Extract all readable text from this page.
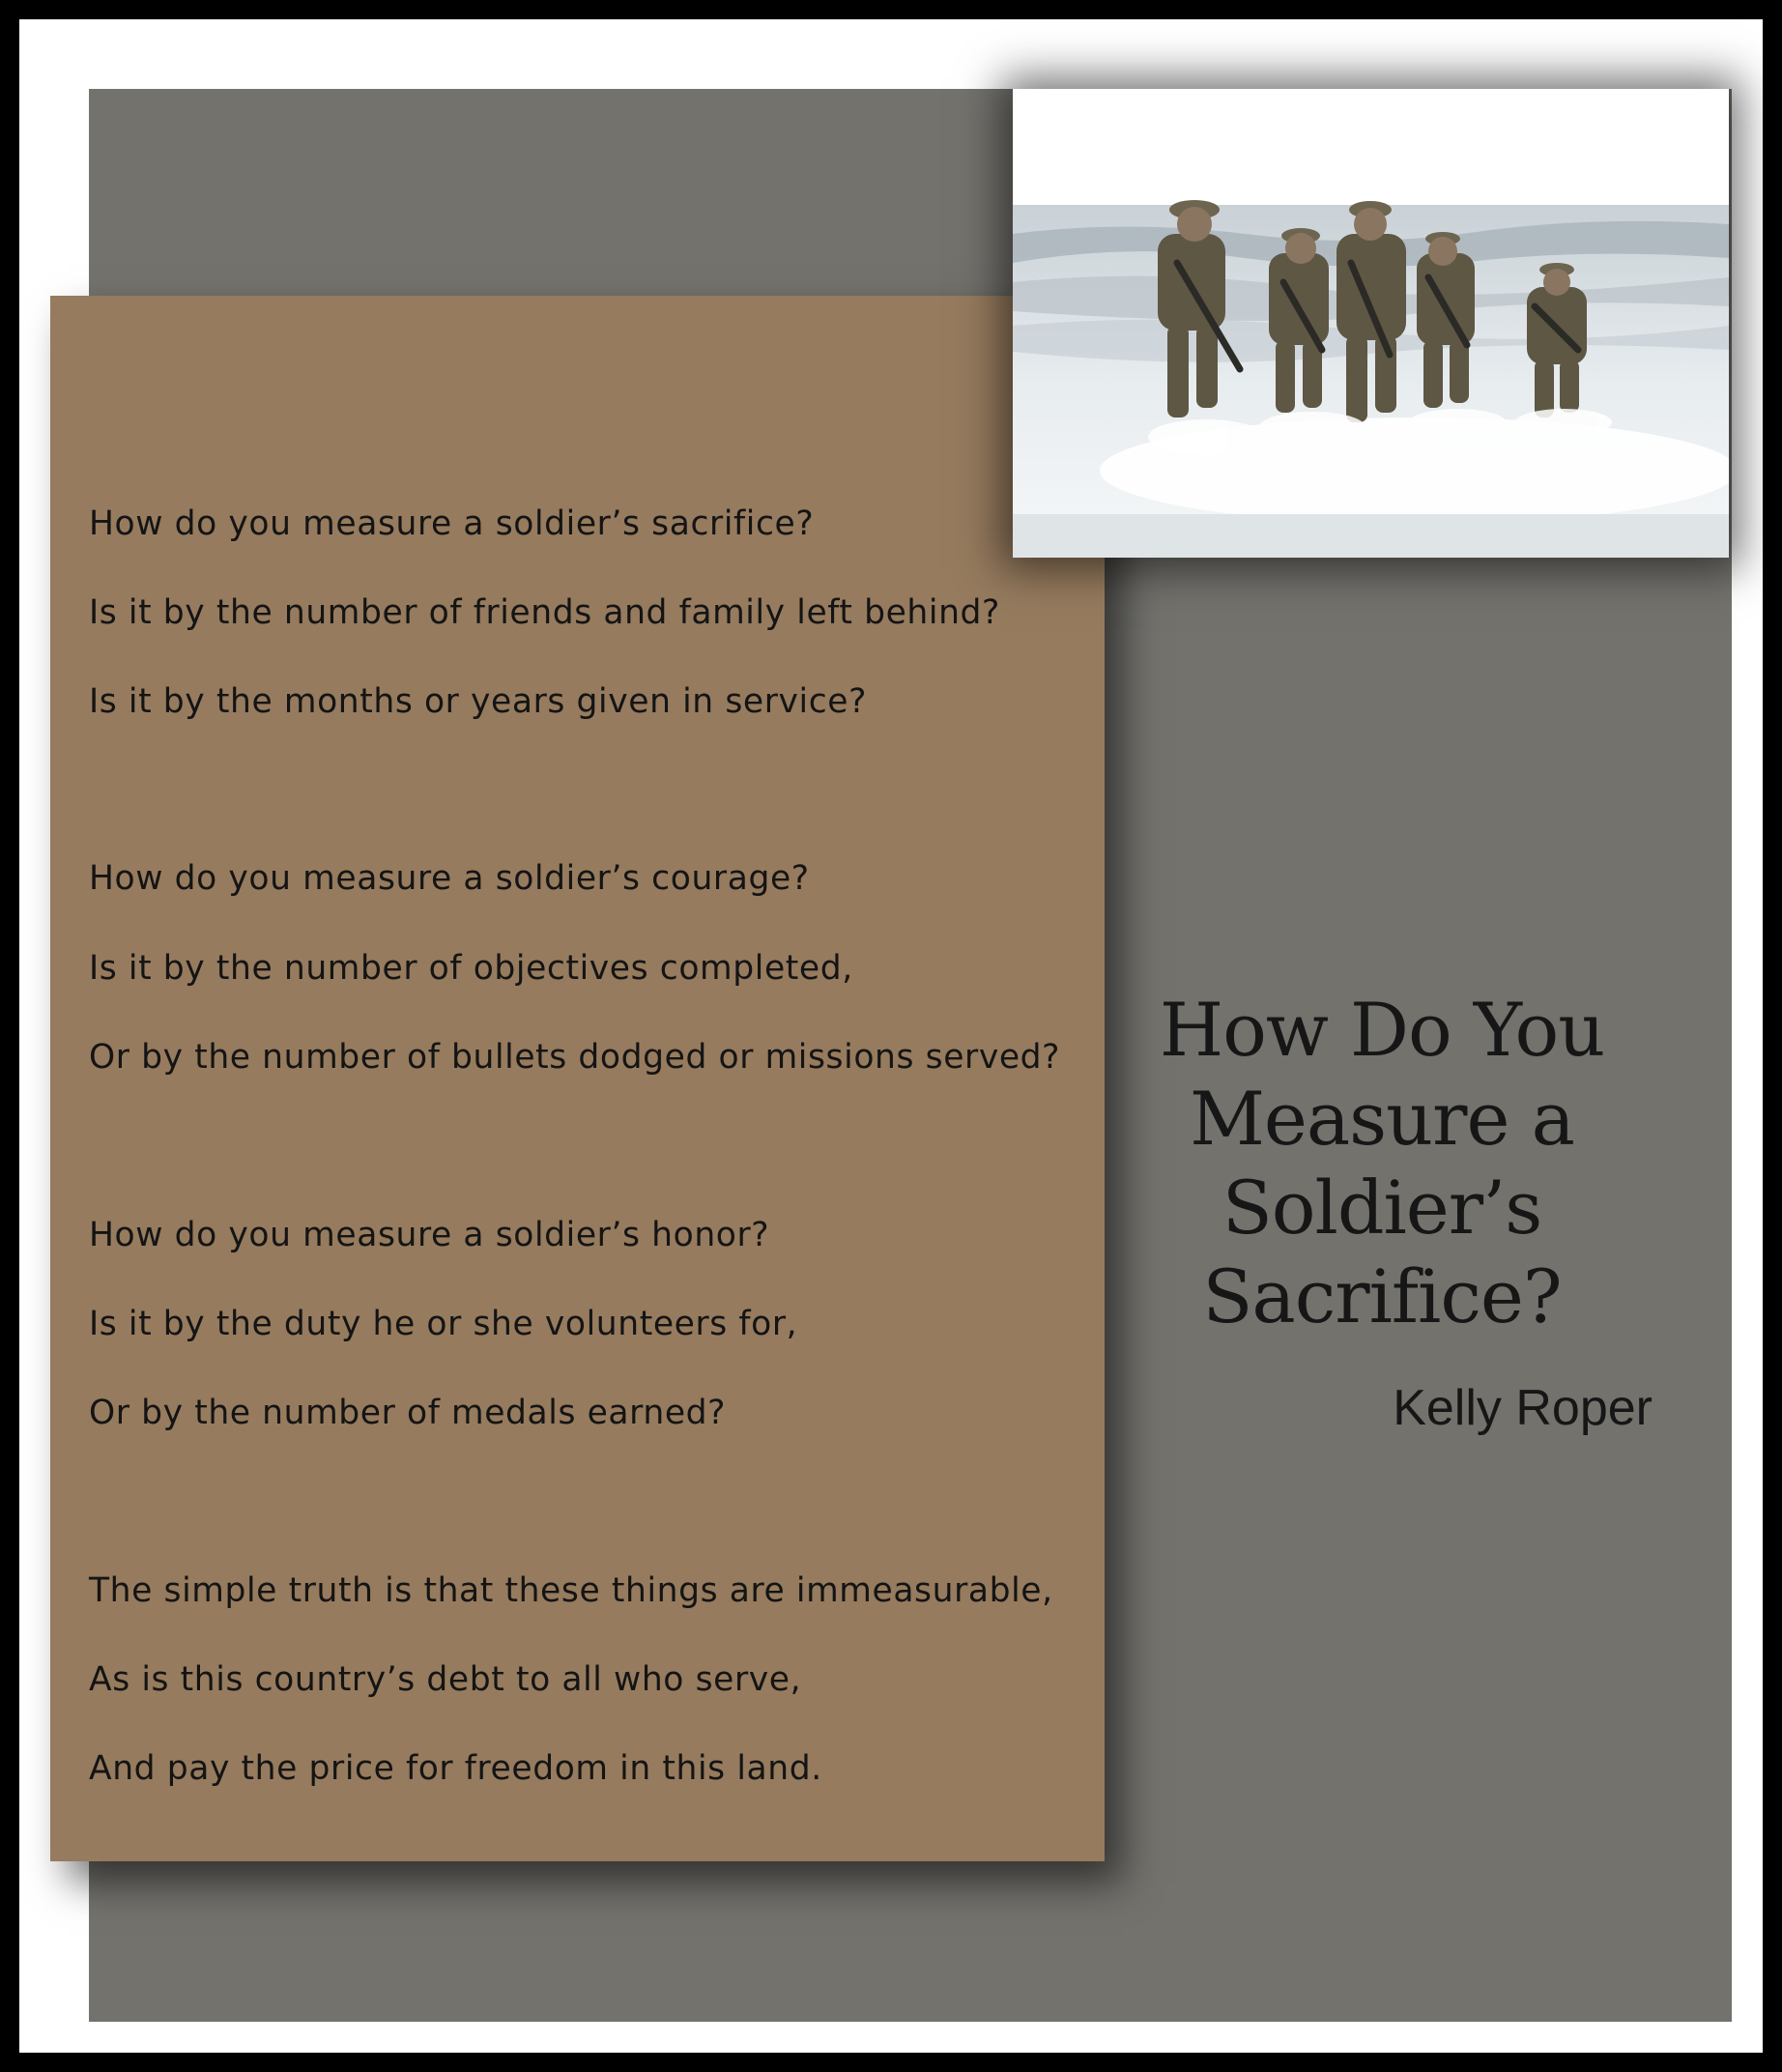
How do you measure a soldier’s sacrifice?
Is it by the number of friends and family left behind?
Is it by the months or years given in service?
How do you measure a soldier’s courage?
Is it by the number of objectives completed,
Or by the number of bullets dodged or missions served?
How do you measure a soldier’s honor?
Is it by the duty he or she volunteers for,
Or by the number of medals earned?
The simple truth is that these things are immeasurable,
As is this country’s debt to all who serve,
And pay the price for freedom in this land.
How Do You
Measure a
Soldier’s
Sacrifice?
Kelly Roper
